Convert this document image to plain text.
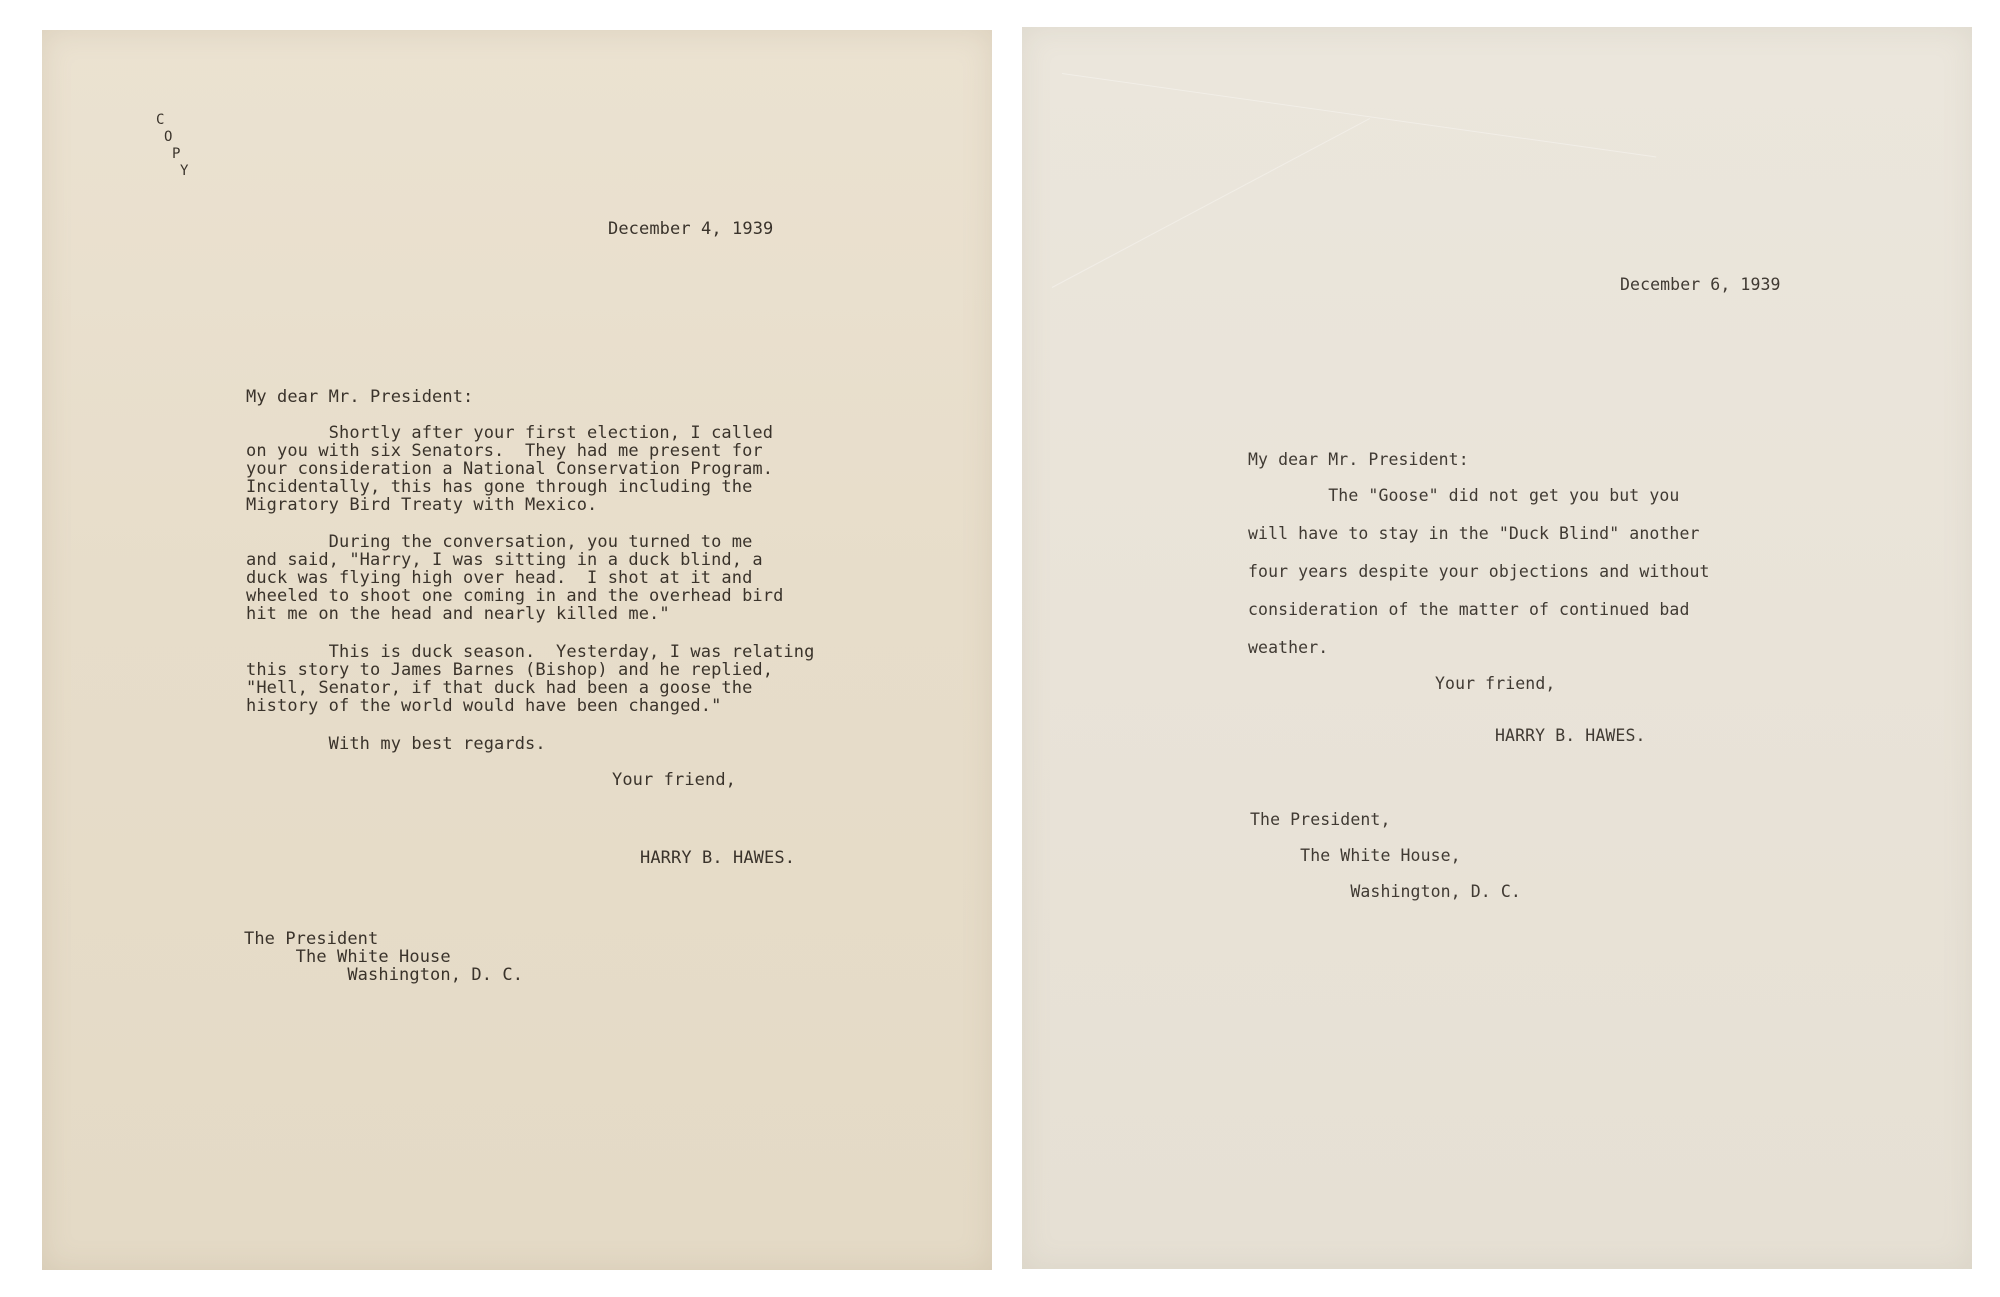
C
O
P
Y
December 4, 1939
My dear Mr. President:
Shortly after your first election, I called
on you with six Senators.  They had me present for
your consideration a National Conservation Program.
Incidentally, this has gone through including the
Migratory Bird Treaty with Mexico.
During the conversation, you turned to me
and said, "Harry, I was sitting in a duck blind, a
duck was flying high over head.  I shot at it and
wheeled to shoot one coming in and the overhead bird
hit me on the head and nearly killed me."
This is duck season.  Yesterday, I was relating
this story to James Barnes (Bishop) and he replied,
"Hell, Senator, if that duck had been a goose the
history of the world would have been changed."
With my best regards.
Your friend,
HARRY B. HAWES.
The President
The White House
Washington, D. C.
December 6, 1939
My dear Mr. President:
The "Goose" did not get you but you
will have to stay in the "Duck Blind" another
four years despite your objections and without
consideration of the matter of continued bad
weather.
Your friend,
HARRY B. HAWES.
The President,
The White House,
Washington, D. C.
